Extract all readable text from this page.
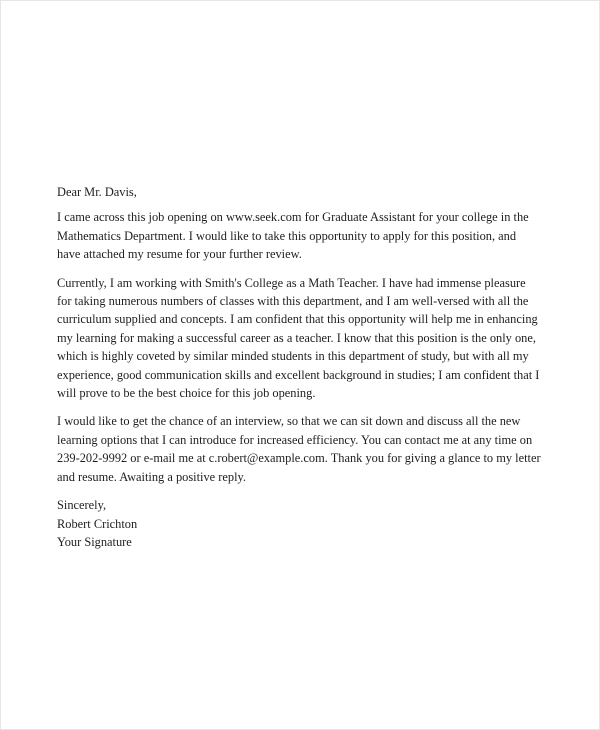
Dear Mr. Davis,

I came across this job opening on www.seek.com for Graduate Assistant for your college in the Mathematics Department. I would like to take this opportunity to apply for this position, and have attached my resume for your further review.

Currently, I am working with Smith's College as a Math Teacher. I have had immense pleasure for taking numerous numbers of classes with this department, and I am well-versed with all the curriculum supplied and concepts. I am confident that this opportunity will help me in enhancing my learning for making a successful career as a teacher. I know that this position is the only one, which is highly coveted by similar minded students in this department of study, but with all my experience, good communication skills and excellent background in studies; I am confident that I will prove to be the best choice for this job opening.

I would like to get the chance of an interview, so that we can sit down and discuss all the new learning options that I can introduce for increased efficiency. You can contact me at any time on 239-202-9992 or e-mail me at c.robert@example.com. Thank you for giving a glance to my letter and resume. Awaiting a positive reply.

Sincerely,
Robert Crichton
Your Signature
